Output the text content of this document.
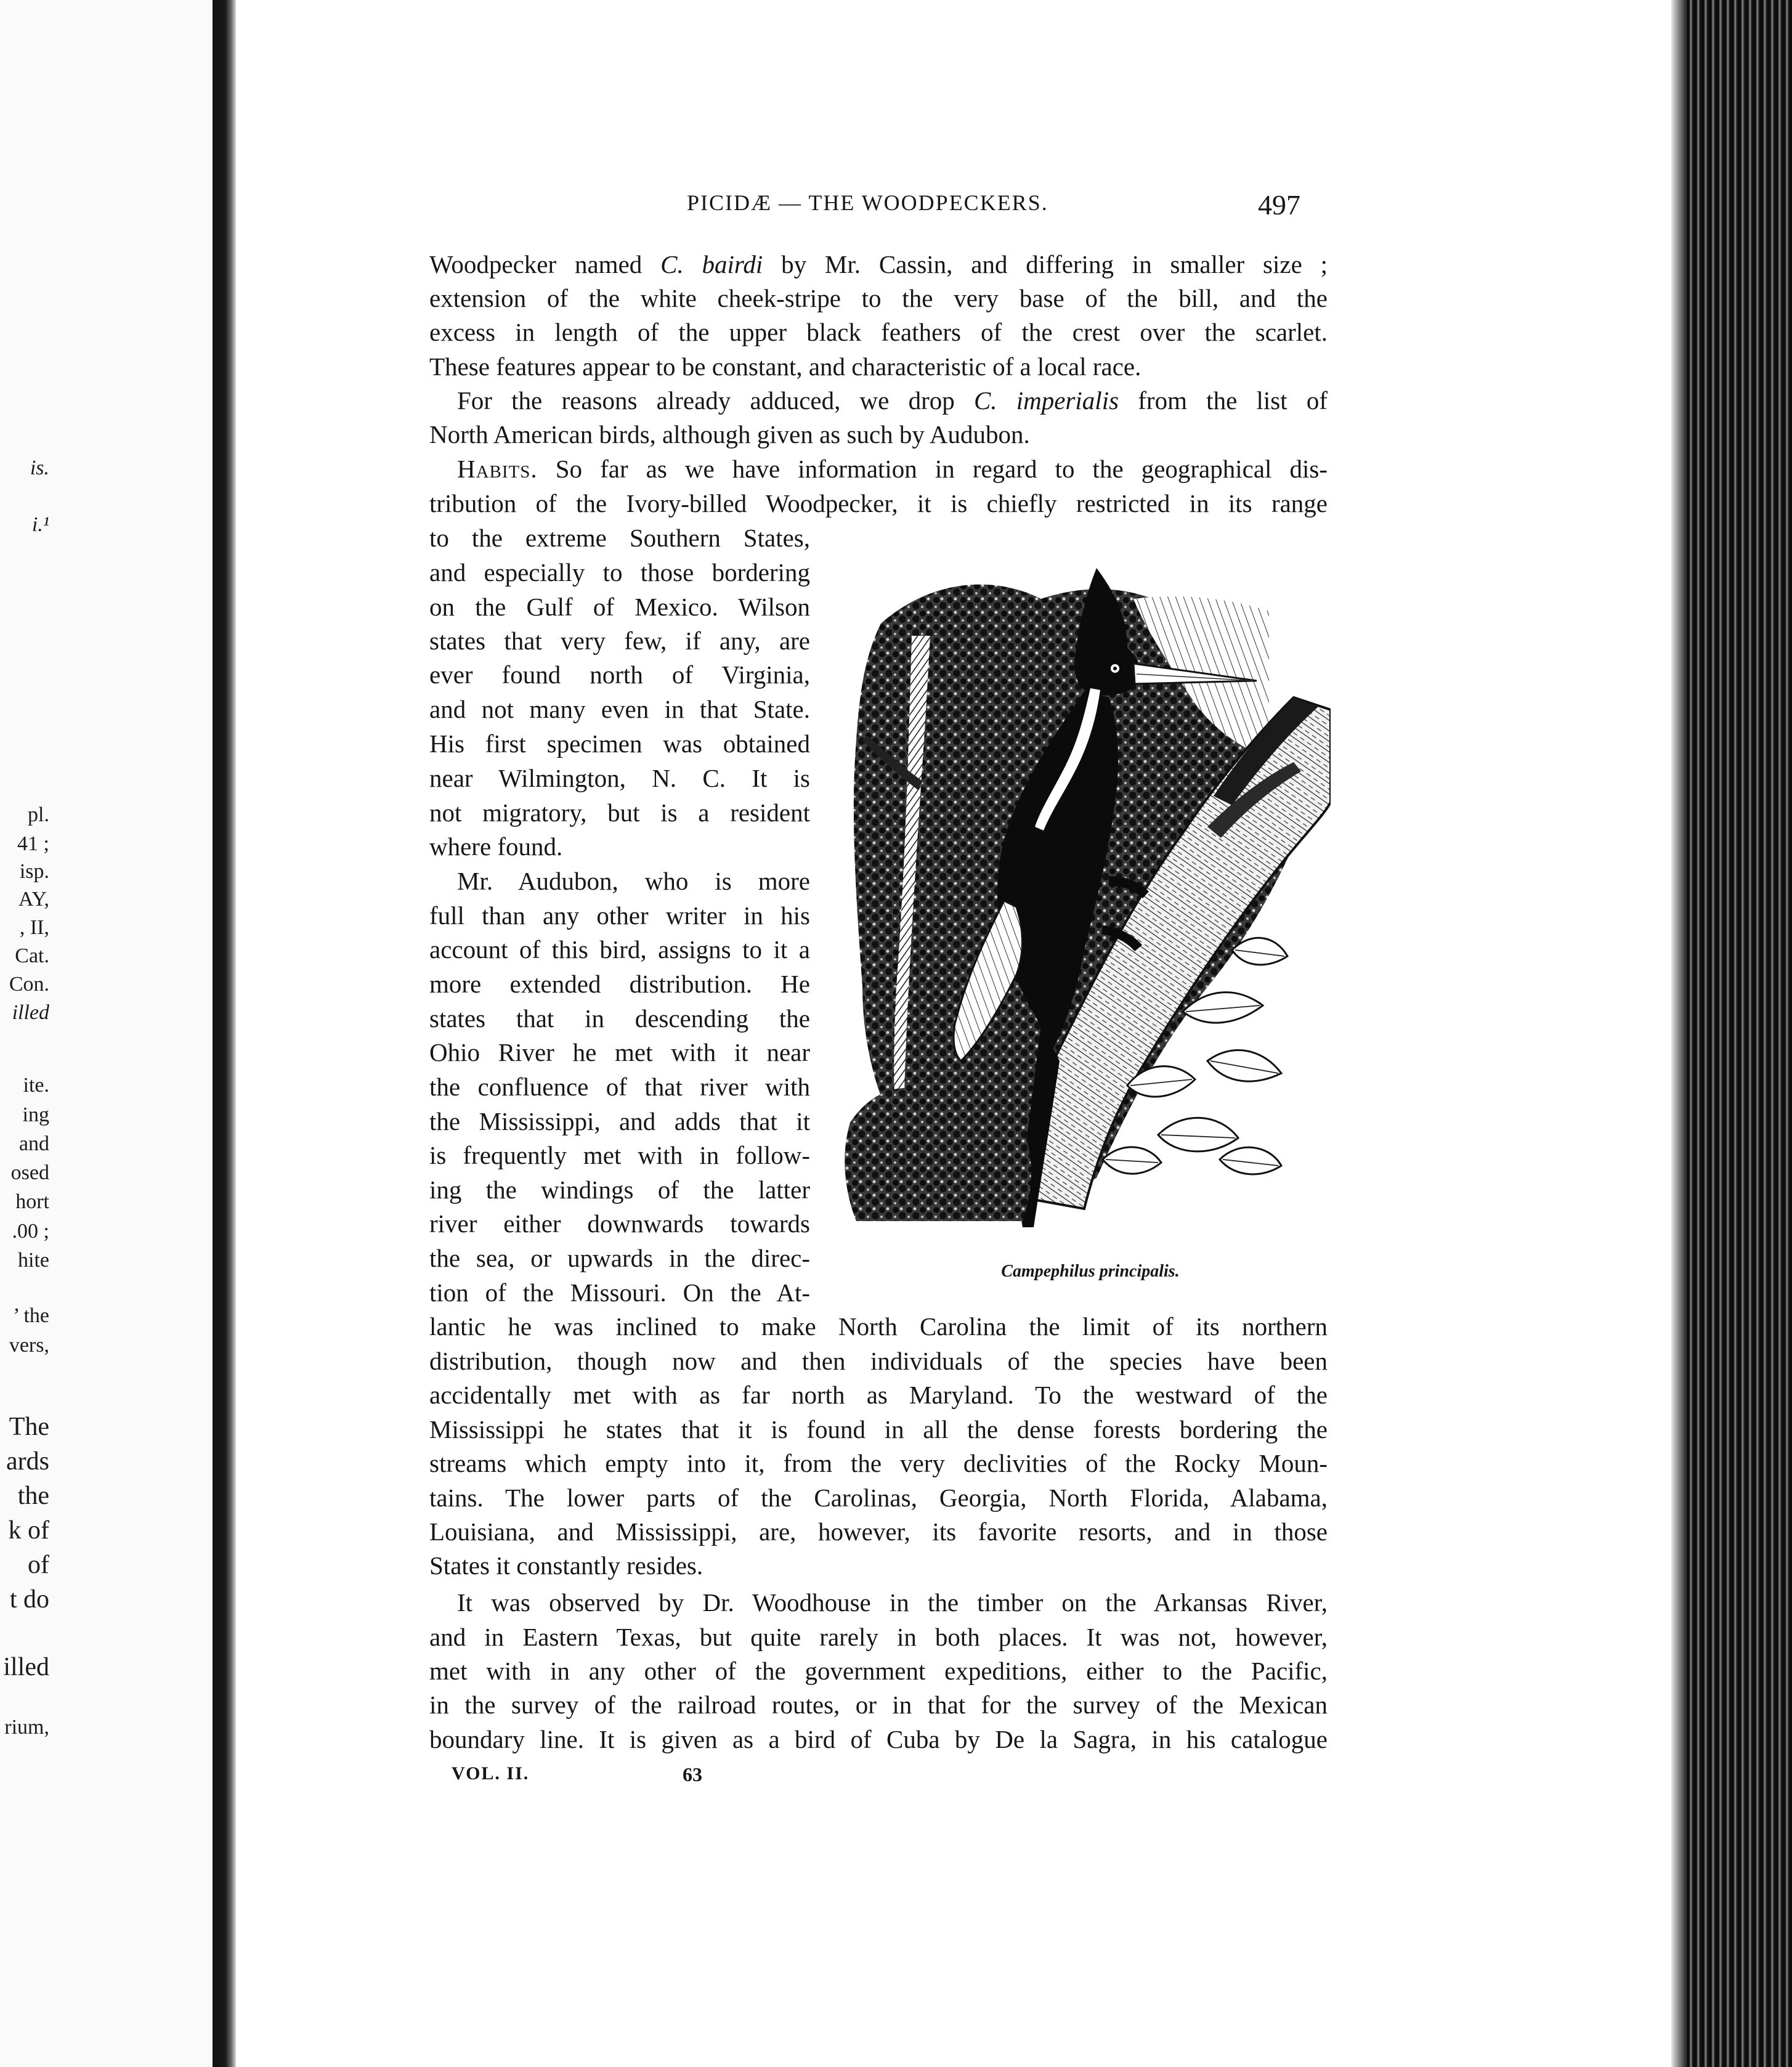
is.
i.¹
pl.
41 ;
isp.
AY,
, II,
Cat.
Con.
illed
ite.
ing
and
osed
hort
.00 ;
hite
’ the
vers,
The
ards
the
k of
of
t do
illed
rium,
PICIDÆ — THE WOODPECKERS.	497
Woodpecker named C. bairdi by Mr. Cassin, and differing in smaller size ;
extension of the white cheek-stripe to the very base of the bill, and the
excess in length of the upper black feathers of the crest over the scarlet.
These features appear to be constant, and characteristic of a local race.
For the reasons already adduced, we drop C. imperialis from the list of
North American birds, although given as such by Audubon.
Habits. So far as we have information in regard to the geographical dis-
tribution of the Ivory-billed Woodpecker, it is chiefly restricted in its range
to the extreme Southern States,
and especially to those bordering
on the Gulf of Mexico. Wilson
states that very few, if any, are
ever found north of Virginia,
and not many even in that State.
His first specimen was obtained
near Wilmington, N. C. It is
not migratory, but is a resident
where found.
Mr. Audubon, who is more
full than any other writer in his
account of this bird, assigns to it a
more extended distribution. He
states that in descending the
Ohio River he met with it near
the confluence of that river with
the Mississippi, and adds that it
is frequently met with in follow-
ing the windings of the latter
river either downwards towards
the sea, or upwards in the direc-
tion of the Missouri. On the At-
lantic he was inclined to make North Carolina the limit of its northern
distribution, though now and then individuals of the species have been
accidentally met with as far north as Maryland. To the westward of the
Mississippi he states that it is found in all the dense forests bordering the
streams which empty into it, from the very declivities of the Rocky Moun-
tains. The lower parts of the Carolinas, Georgia, North Florida, Alabama,
Louisiana, and Mississippi, are, however, its favorite resorts, and in those
States it constantly resides.
It was observed by Dr. Woodhouse in the timber on the Arkansas River,
and in Eastern Texas, but quite rarely in both places. It was not, however,
met with in any other of the government expeditions, either to the Pacific,
in the survey of the railroad routes, or in that for the survey of the Mexican
boundary line. It is given as a bird of Cuba by De la Sagra, in his catalogue
Campephilus principalis.
VOL. II.	63
